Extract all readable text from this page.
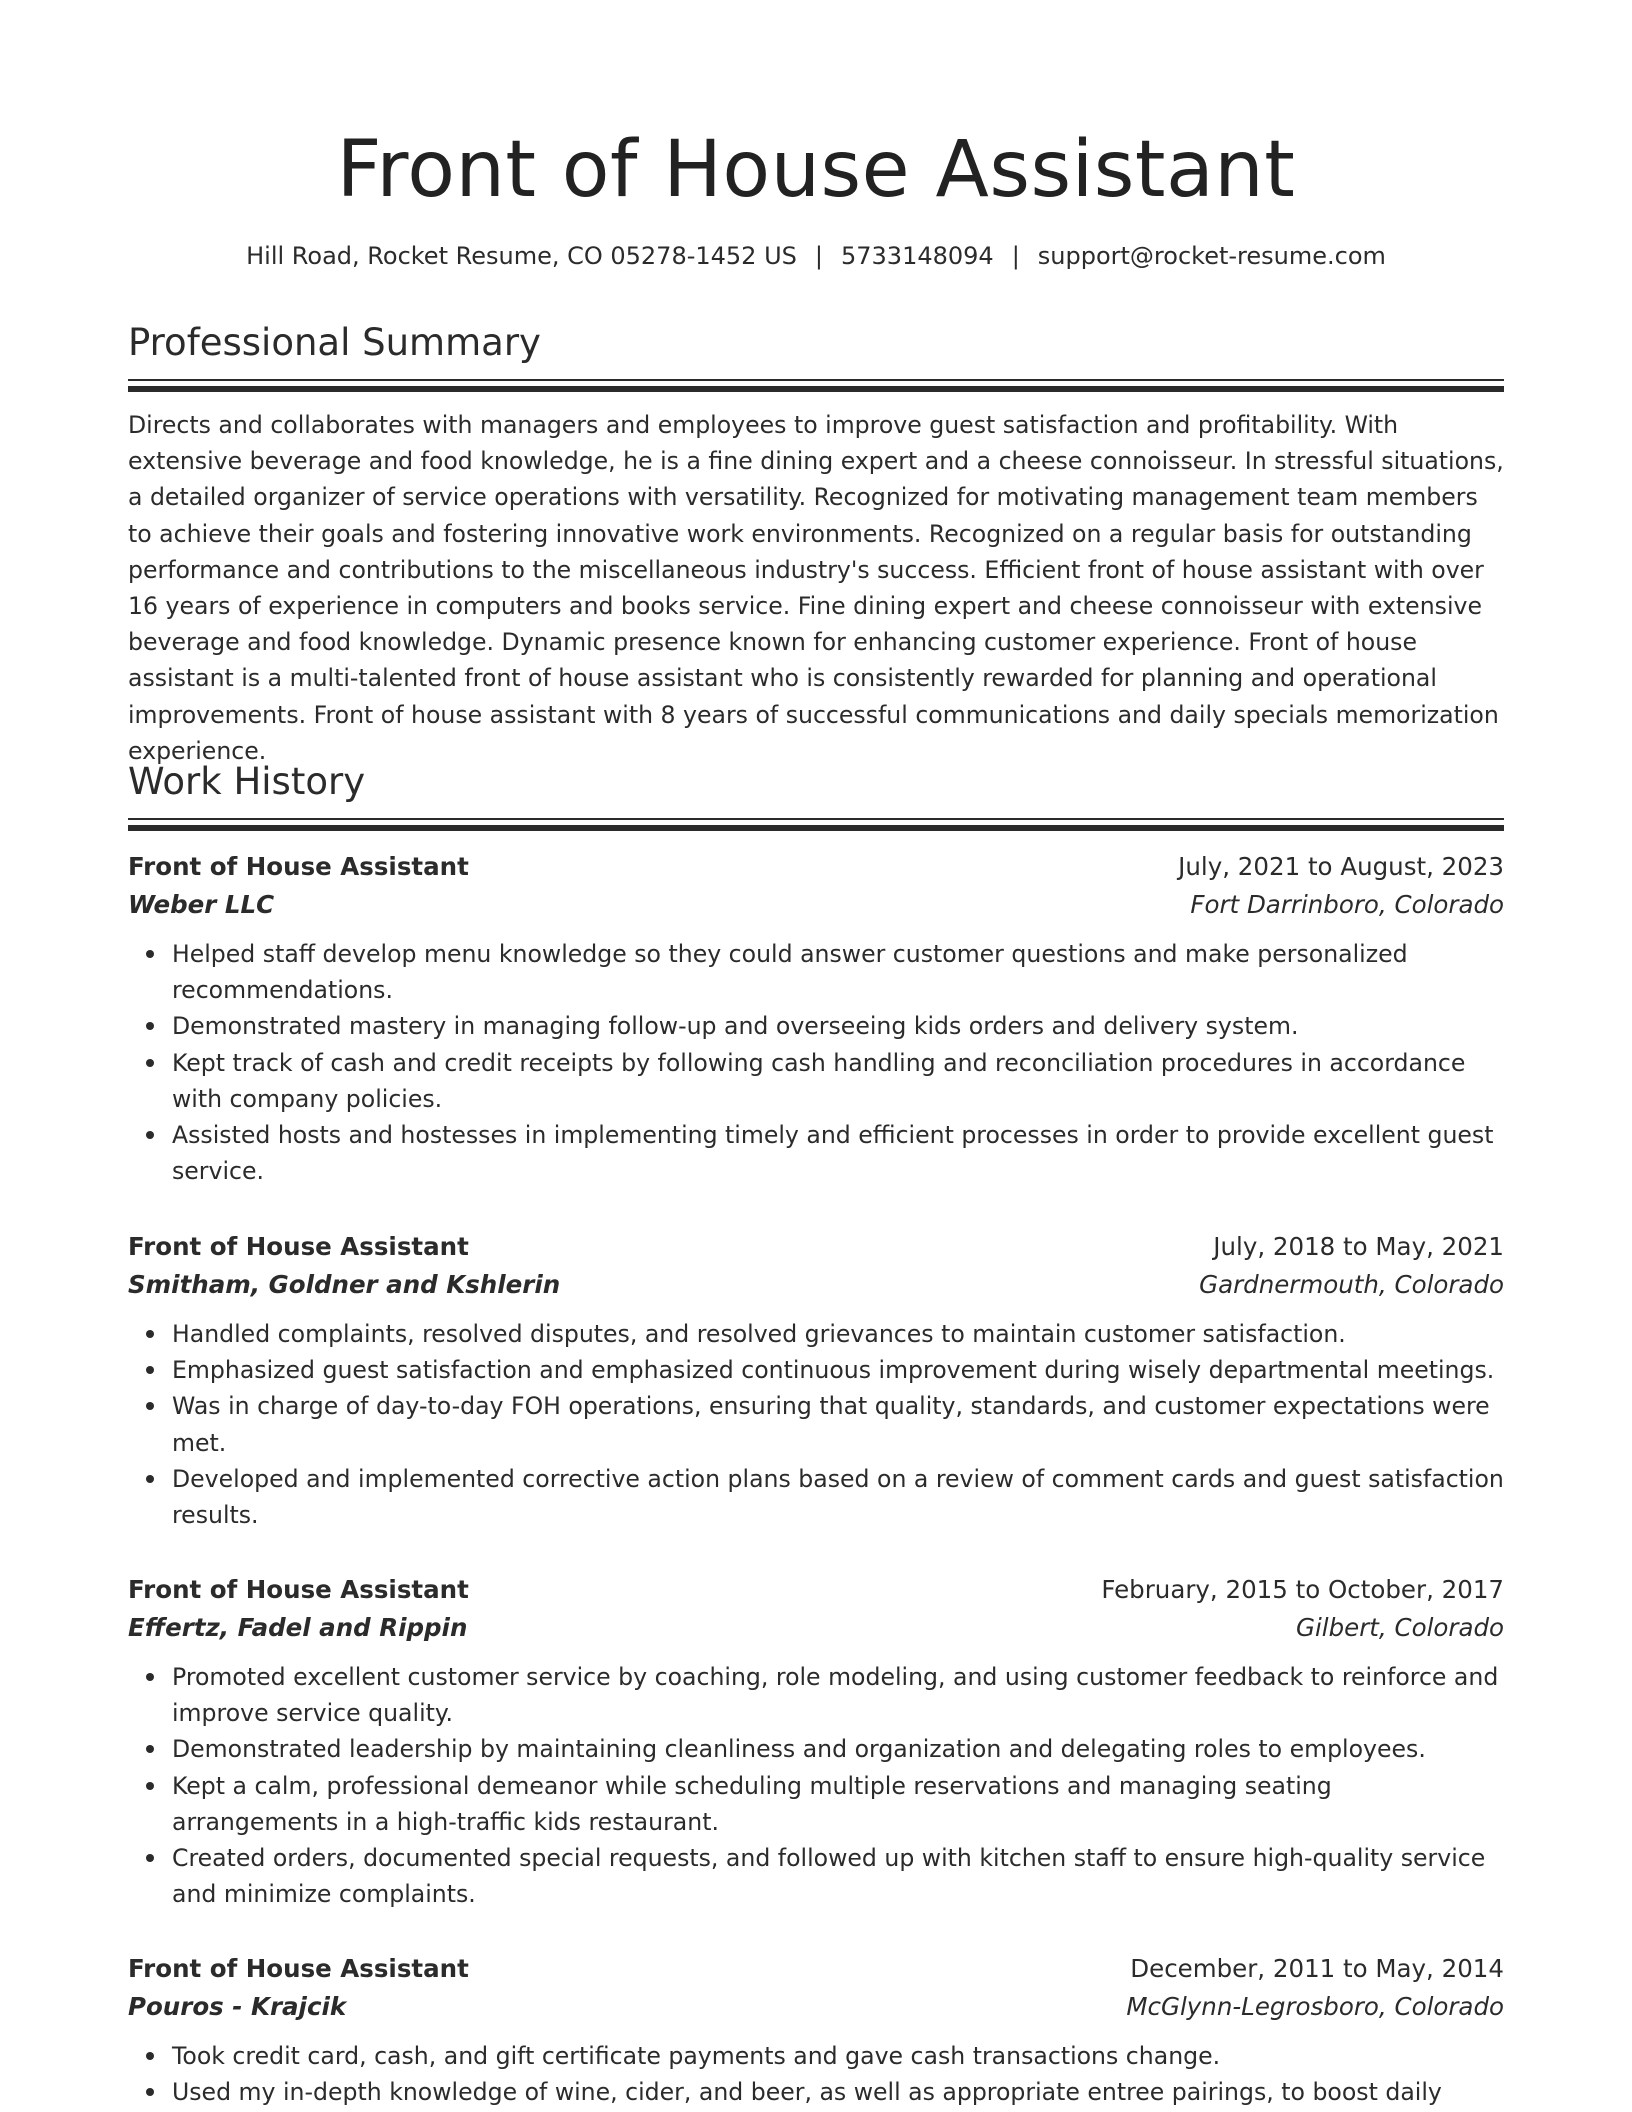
Front of House Assistant
Hill Road, Rocket Resume, CO 05278-1452 US | 5733148094 | support@rocket-resume.com
Professional Summary

Directs and collaborates with managers and employees to improve guest satisfaction and profitability. With extensive beverage and food knowledge, he is a fine dining expert and a cheese connoisseur. In stressful situations, a detailed organizer of service operations with versatility. Recognized for motivating management team members to achieve their goals and fostering innovative work environments. Recognized on a regular basis for outstanding performance and contributions to the miscellaneous industry's success. Efficient front of house assistant with over 16 years of experience in computers and books service. Fine dining expert and cheese connoisseur with extensive beverage and food knowledge. Dynamic presence known for enhancing customer experience. Front of house assistant is a multi-talented front of house assistant who is consistently rewarded for planning and operational improvements. Front of house assistant with 8 years of successful communications and daily specials memorization experience.

Work History
Front of House Assistant	July, 2021 to August, 2023
Weber LLC	Fort Darrinboro, Colorado
Helped staff develop menu knowledge so they could answer customer questions and make personalized recommendations.
Demonstrated mastery in managing follow-up and overseeing kids orders and delivery system.
Kept track of cash and credit receipts by following cash handling and reconciliation procedures in accordance with company policies.
Assisted hosts and hostesses in implementing timely and efficient processes in order to provide excellent guest service.
Front of House Assistant	July, 2018 to May, 2021
Smitham, Goldner and Kshlerin	Gardnermouth, Colorado
Handled complaints, resolved disputes, and resolved grievances to maintain customer satisfaction.
Emphasized guest satisfaction and emphasized continuous improvement during wisely departmental meetings.
Was in charge of day-to-day FOH operations, ensuring that quality, standards, and customer expectations were met.
Developed and implemented corrective action plans based on a review of comment cards and guest satisfaction results.
Front of House Assistant	February, 2015 to October, 2017
Effertz, Fadel and Rippin	Gilbert, Colorado
Promoted excellent customer service by coaching, role modeling, and using customer feedback to reinforce and improve service quality.
Demonstrated leadership by maintaining cleanliness and organization and delegating roles to employees.
Kept a calm, professional demeanor while scheduling multiple reservations and managing seating arrangements in a high-traffic kids restaurant.
Created orders, documented special requests, and followed up with kitchen staff to ensure high-quality service and minimize complaints.
Front of House Assistant	December, 2011 to May, 2014
Pouros - Krajcik	McGlynn-Legrosboro, Colorado
Took credit card, cash, and gift certificate payments and gave cash transactions change.
Used my in-depth knowledge of wine, cider, and beer, as well as appropriate entree pairings, to boost daily
